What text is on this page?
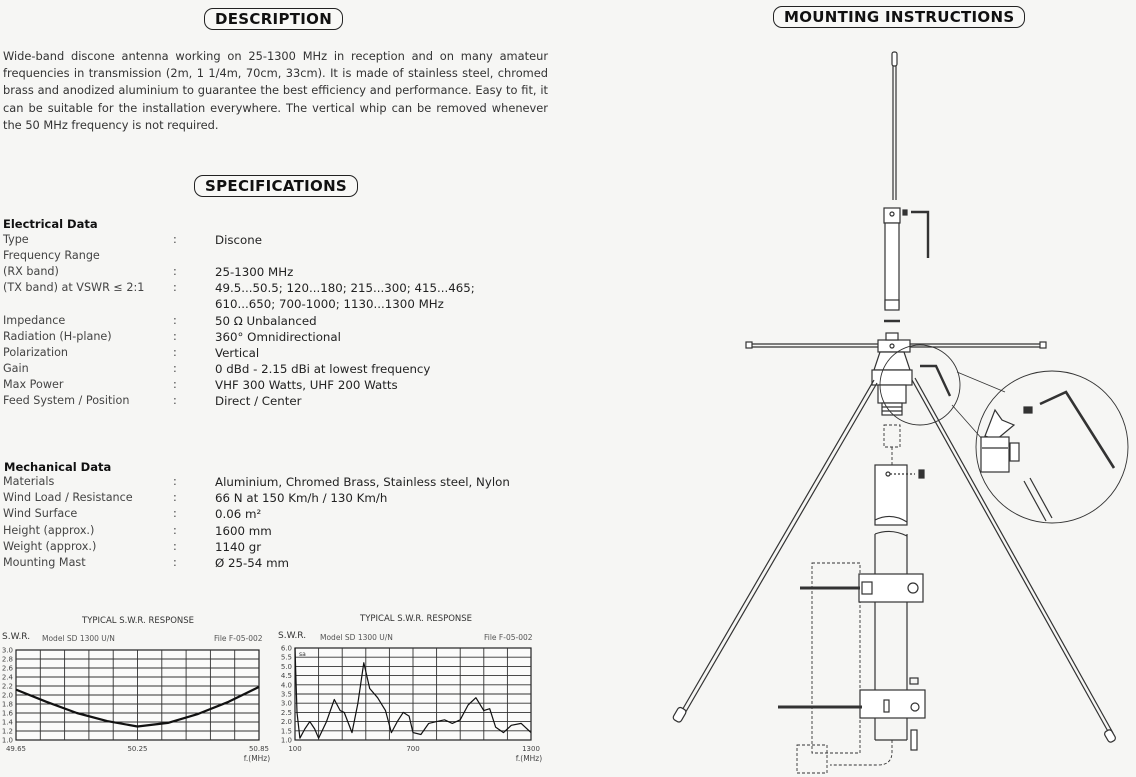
DESCRIPTION
Wide-band discone antenna working on 25-1300 MHz in reception and on many amateur frequencies in transmission (2m, 1 1/4m, 70cm, 33cm). It is made of stainless steel, chromed brass and anodized aluminium to guarantee the best efficiency and performance. Easy to fit, it can be suitable for the installation everywhere. The vertical whip can be removed whenever the 50 MHz frequency is not required.
SPECIFICATIONS
Electrical Data
Type	:	Discone
Frequency Range
(RX band)	:	25-1300 MHz
(TX band) at VSWR ≤ 2:1	:	49.5...50.5; 120...180; 215...300; 415...465;
610...650; 700-1000; 1130...1300 MHz
Impedance	:	50 Ω Unbalanced
Radiation (H-plane)	:	360° Omnidirectional
Polarization	:	Vertical
Gain	:	0 dBd - 2.15 dBi at lowest frequency
Max Power	:	VHF 300 Watts, UHF 200 Watts
Feed System / Position	:	Direct / Center
Mechanical Data
Materials	:	Aluminium, Chromed Brass, Stainless steel, Nylon
Wind Load / Resistance	:	66 N at 150 Km/h / 130 Km/h
Wind Surface	:	0.06 m²
Height (approx.)	:	1600 mm
Weight (approx.)	:	1140 gr
Mounting Mast	:	Ø 25-54 mm
TYPICAL S.W.R. RESPONSE
S.W.R. Model SD 1300 U/N	File F-05-002
3.0
2.8
2.6
2.4
2.2
2.0
1.8
1.6
1.4
1.2
1.0
49.65	50.25	50.85
f.(MHz)
TYPICAL S.W.R. RESPONSE
S.W.R. Model SD 1300 U/N	File F-05-002
6.0
5.5
5.0
4.5
4.0
3.5
3.0
2.5
2.0
1.5
1.0
100	700	1300
f.(MHz)
sa
MOUNTING INSTRUCTIONS
